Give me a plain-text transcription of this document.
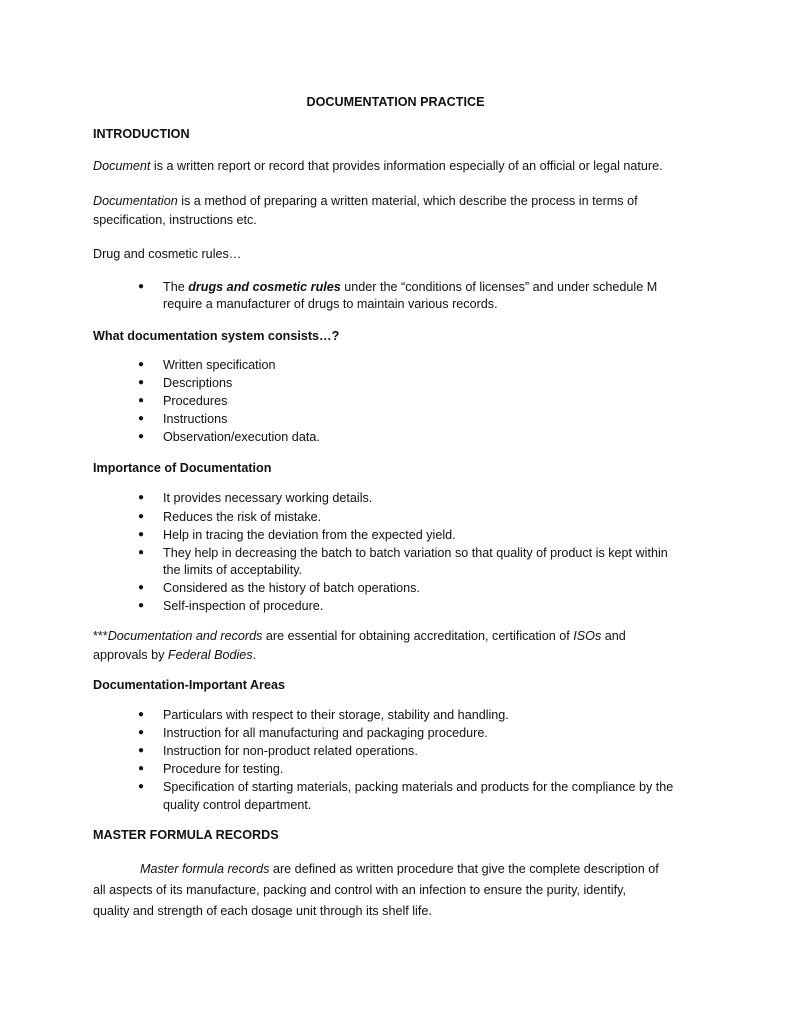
DOCUMENTATION PRACTICE
INTRODUCTION
Document is a written report or record that provides information especially of an official or legal nature.
Documentation is a method of preparing a written material, which describe the process in terms of
specification, instructions etc.
Drug and cosmetic rules…
● The drugs and cosmetic rules under the “conditions of licenses” and under schedule M
require a manufacturer of drugs to maintain various records.
What documentation system consists…?
● Written specification
● Descriptions
● Procedures
● Instructions
● Observation/execution data.
Importance of Documentation
● It provides necessary working details.
● Reduces the risk of mistake.
● Help in tracing the deviation from the expected yield.
● They help in decreasing the batch to batch variation so that quality of product is kept within
the limits of acceptability.
● Considered as the history of batch operations.
● Self-inspection of procedure.
***Documentation and records are essential for obtaining accreditation, certification of ISOs and
approvals by Federal Bodies.
Documentation-Important Areas
● Particulars with respect to their storage, stability and handling.
● Instruction for all manufacturing and packaging procedure.
● Instruction for non-product related operations.
● Procedure for testing.
● Specification of starting materials, packing materials and products for the compliance by the
quality control department.
MASTER FORMULA RECORDS
Master formula records are defined as written procedure that give the complete description of
all aspects of its manufacture, packing and control with an infection to ensure the purity, identify,
quality and strength of each dosage unit through its shelf life.
